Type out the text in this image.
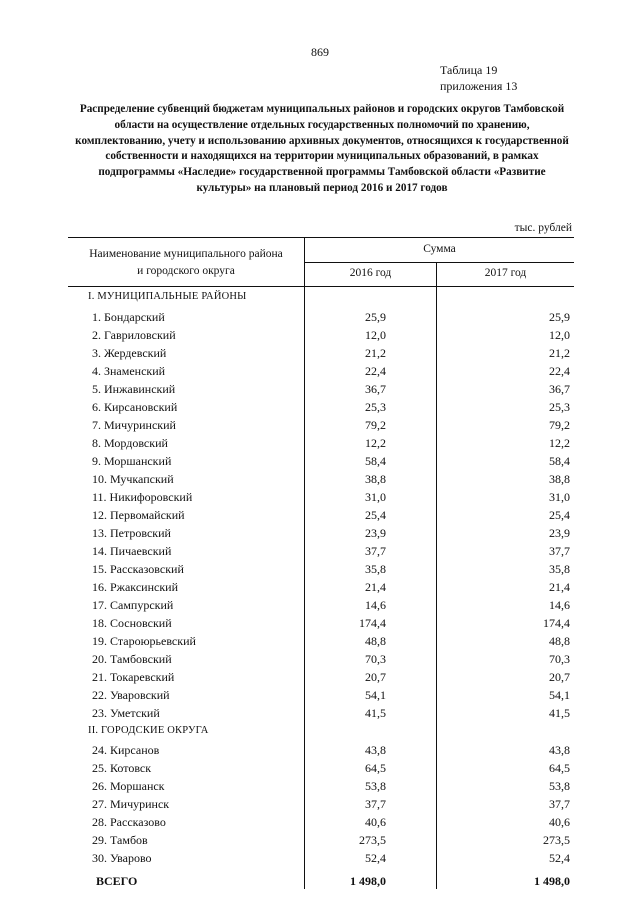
869
Таблица 19
приложения 13
Распределение субвенций бюджетам муниципальных районов и городских округов Тамбовской области на осуществление отдельных государственных полномочий по хранению, комплектованию, учету и использованию архивных документов, относящихся к государственной собственности и находящихся на территории муниципальных образований, в рамках подпрограммы «Наследие» государственной программы Тамбовской области «Развитие культуры» на плановый период 2016 и 2017 годов
тыс. рублей
Наименование муниципального района
и городского округа
Сумма
2016 год	2017 год
I. МУНИЦИПАЛЬНЫЕ РАЙОНЫ
1. Бондарский	25,9	25,9
2. Гавриловский	12,0	12,0
3. Жердевский	21,2	21,2
4. Знаменский	22,4	22,4
5. Инжавинский	36,7	36,7
6. Кирсановский	25,3	25,3
7. Мичуринский	79,2	79,2
8. Мордовский	12,2	12,2
9. Моршанский	58,4	58,4
10. Мучкапский	38,8	38,8
11. Никифоровский	31,0	31,0
12. Первомайский	25,4	25,4
13. Петровский	23,9	23,9
14. Пичаевский	37,7	37,7
15. Рассказовский	35,8	35,8
16. Ржаксинский	21,4	21,4
17. Сампурский	14,6	14,6
18. Сосновский	174,4	174,4
19. Староюрьевский	48,8	48,8
20. Тамбовский	70,3	70,3
21. Токаревский	20,7	20,7
22. Уваровский	54,1	54,1
23. Уметский	41,5	41,5
II. ГОРОДСКИЕ ОКРУГА
24. Кирсанов	43,8	43,8
25. Котовск	64,5	64,5
26. Моршанск	53,8	53,8
27. Мичуринск	37,7	37,7
28. Рассказово	40,6	40,6
29. Тамбов	273,5	273,5
30. Уварово	52,4	52,4
ВСЕГО	1 498,0	1 498,0
